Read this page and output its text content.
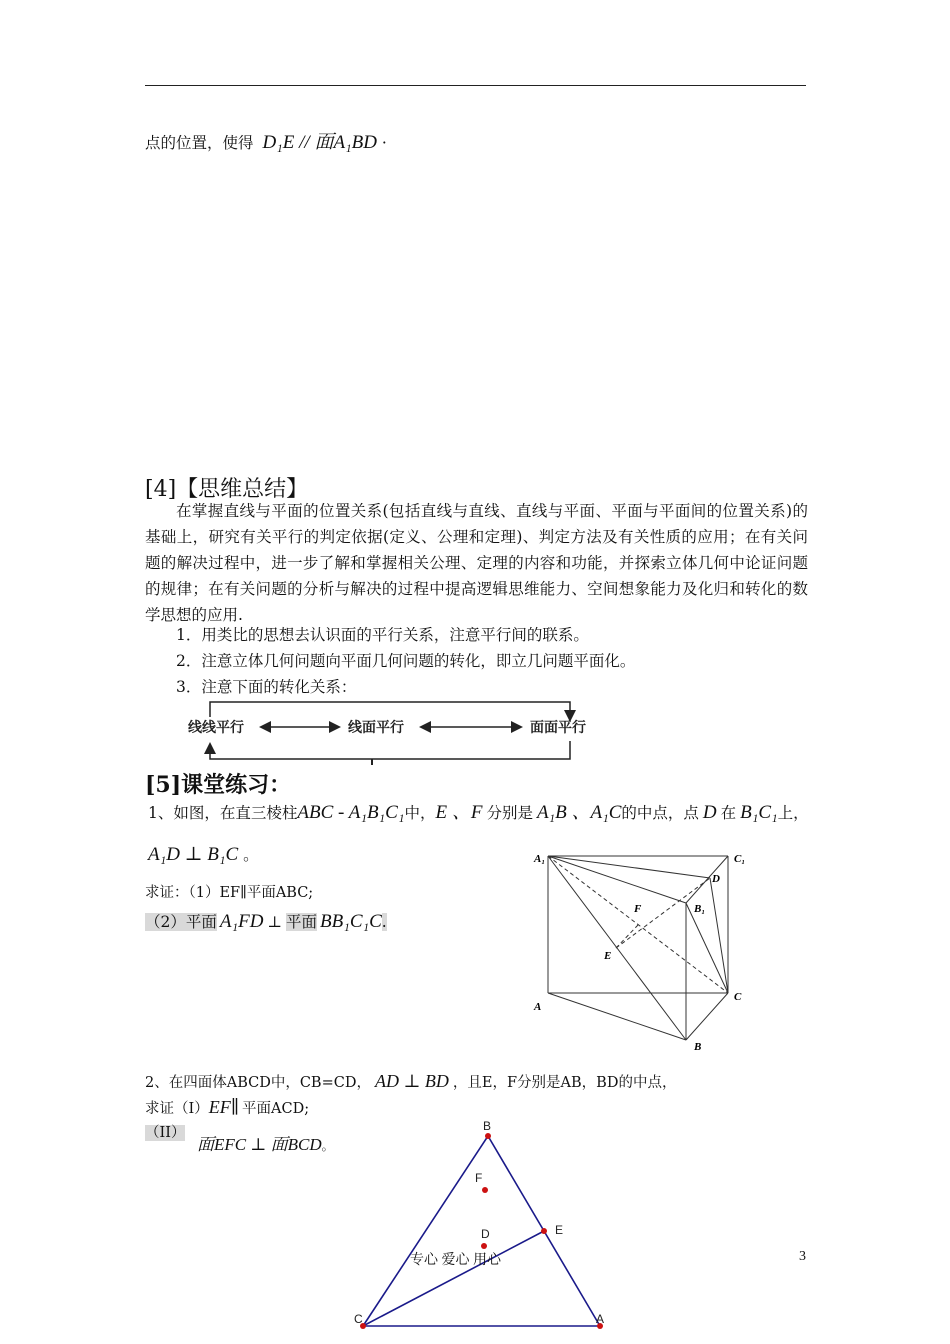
点的位置，使得 D₁E // 面A₁BD ·
[4]【思维总结】
在掌握直线与平面的位置关系(包括直线与直线、直线与平面、平面与平面间的位置关系)的基础上，研究有关平行的判定依据(定义、公理和定理)、判定方法及有关性质的应用；在有关问题的解决过程中，进一步了解和掌握相关公理、定理的内容和功能，并探索立体几何中论证问题的规律；在有关问题的分析与解决的过程中提高逻辑思维能力、空间想象能力及化归和转化的数学思想的应用.
1．用类比的思想去认识面的平行关系，注意平行间的联系。
2．注意立体几何问题向平面几何问题的转化，即立几问题平面化。
3．注意下面的转化关系：
线线平行	线面平行	面面平行
[5]课堂练习：
1、如图，在直三棱柱ABC - A₁B₁C₁中，E 、F 分别是 A₁B 、A₁C的中点，点 D 在 B₁C₁上，
A₁D ⊥ B₁C 。
求证：（1）EF∥平面ABC;
（2）平面 A₁FD ⊥ 平面 BB₁C₁C.
A₁	C₁
D
B₁
F
E
A
C
B
2、在四面体ABCD中，CB=CD， AD ⊥ BD ，且E，F分别是AB，BD的中点，
求证（I）EF∥ 平面ACD;
（II）
面EFC ⊥ 面BCD。
B
F
D	E
C	A
专心 爱心 用心	3
